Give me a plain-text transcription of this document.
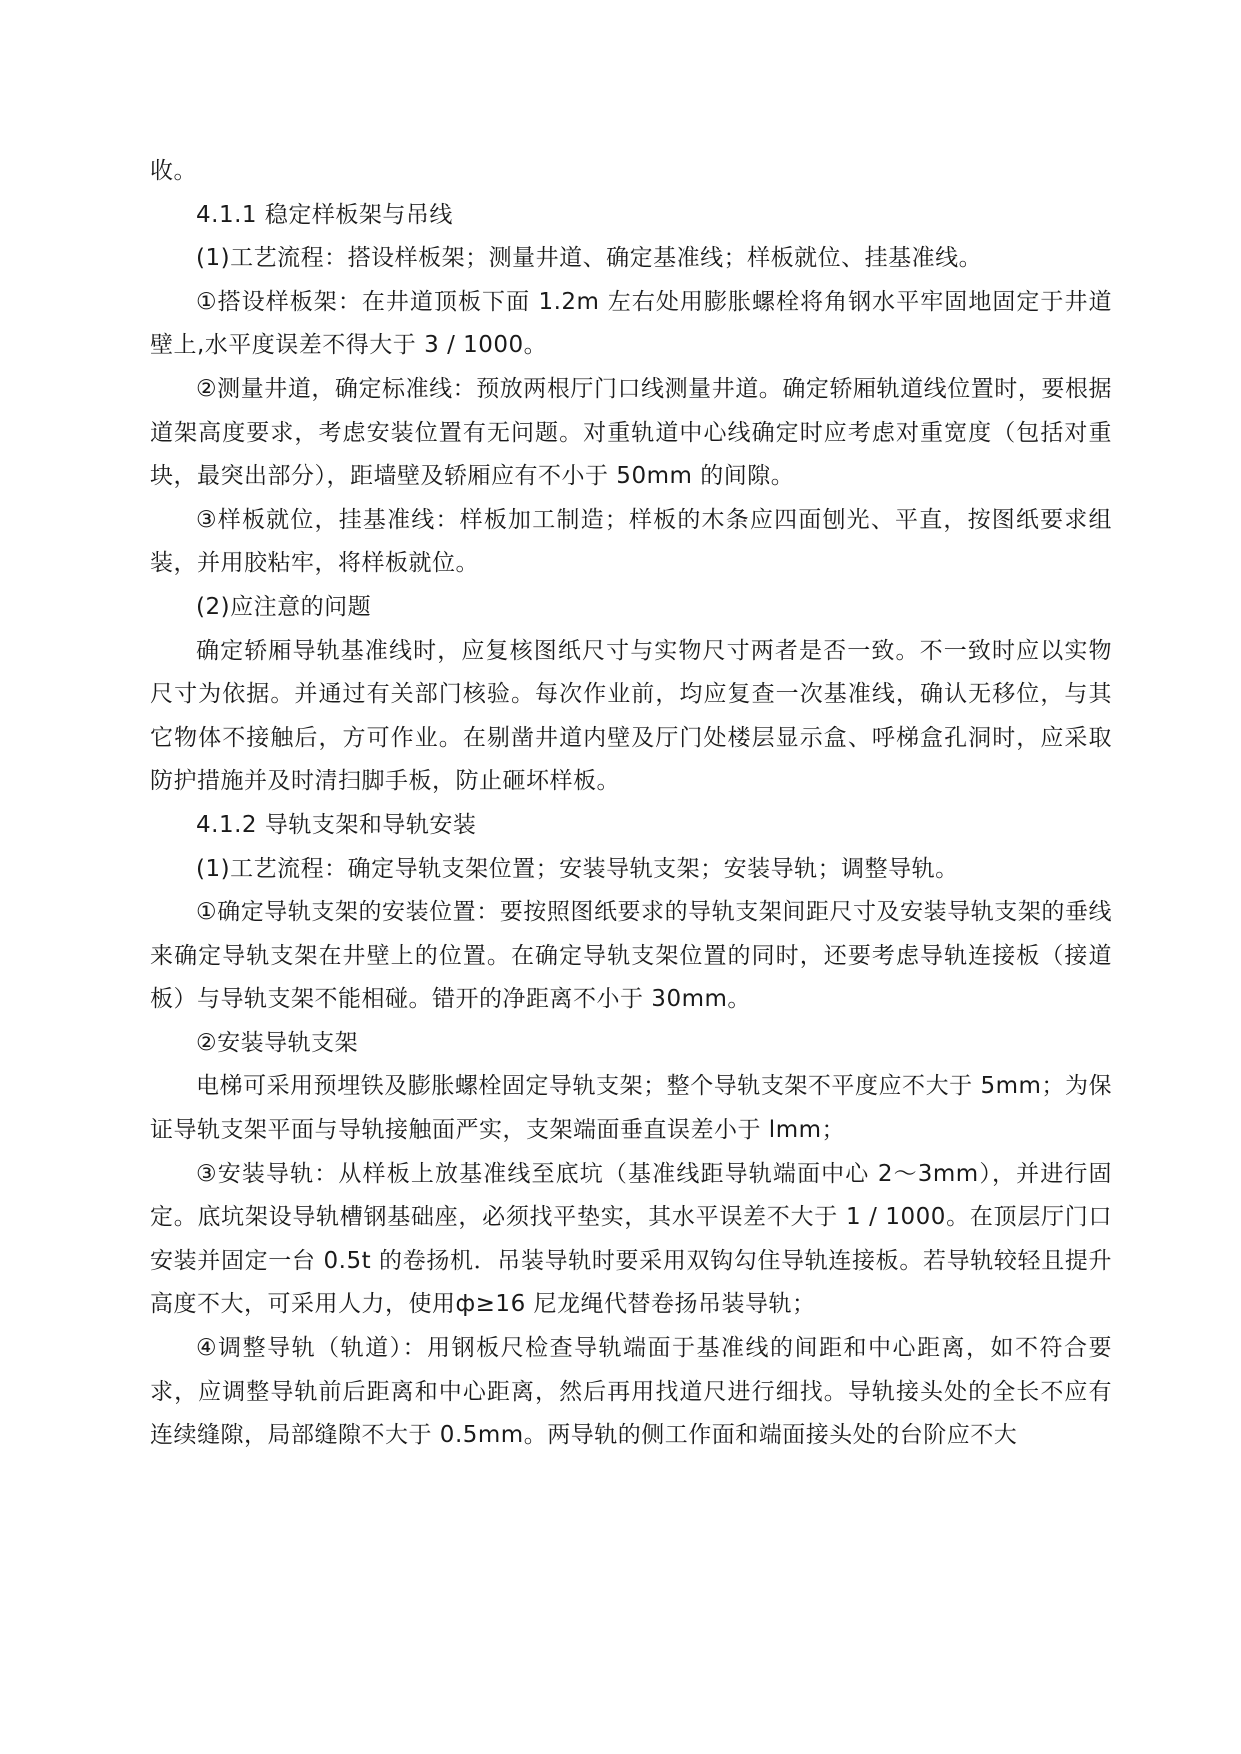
收。

4.1.1 稳定样板架与吊线

(1)工艺流程：搭设样板架；测量井道、确定基准线；样板就位、挂基准线。

①搭设样板架：在井道顶板下面 1.2m 左右处用膨胀螺栓将角钢水平牢固地固定于井道壁上,水平度误差不得大于 3 / 1000。

②测量井道，确定标准线：预放两根厅门口线测量井道。确定轿厢轨道线位置时，要根据道架高度要求，考虑安装位置有无问题。对重轨道中心线确定时应考虑对重宽度（包括对重块，最突出部分），距墙壁及轿厢应有不小于 50mm 的间隙。

③样板就位，挂基准线：样板加工制造；样板的木条应四面刨光、平直，按图纸要求组装，并用胶粘牢，将样板就位。

(2)应注意的问题

确定轿厢导轨基准线时，应复核图纸尺寸与实物尺寸两者是否一致。不一致时应以实物尺寸为依据。并通过有关部门核验。每次作业前，均应复查一次基准线，确认无移位，与其它物体不接触后，方可作业。在剔凿井道内壁及厅门处楼层显示盒、呼梯盒孔洞时，应采取防护措施并及时清扫脚手板，防止砸坏样板。

4.1.2 导轨支架和导轨安装

(1)工艺流程：确定导轨支架位置；安装导轨支架；安装导轨；调整导轨。

①确定导轨支架的安装位置：要按照图纸要求的导轨支架间距尺寸及安装导轨支架的垂线来确定导轨支架在井壁上的位置。在确定导轨支架位置的同时，还要考虑导轨连接板（接道板）与导轨支架不能相碰。错开的净距离不小于 30mm。

②安装导轨支架

电梯可采用预埋铁及膨胀螺栓固定导轨支架；整个导轨支架不平度应不大于 5mm；为保证导轨支架平面与导轨接触面严实，支架端面垂直误差小于 lmm；

③安装导轨：从样板上放基准线至底坑（基准线距导轨端面中心 2～3mm），并进行固定。底坑架设导轨槽钢基础座，必须找平垫实，其水平误差不大于 1 / 1000。在顶层厅门口安装并固定一台 0.5t 的卷扬机．吊装导轨时要采用双钩勾住导轨连接板。若导轨较轻且提升高度不大，可采用人力，使用ф≥16 尼龙绳代替卷扬吊装导轨；

④调整导轨（轨道）：用钢板尺检查导轨端面于基准线的间距和中心距离，如不符合要求，应调整导轨前后距离和中心距离，然后再用找道尺进行细找。导轨接头处的全长不应有连续缝隙，局部缝隙不大于 0.5mm。两导轨的侧工作面和端面接头处的台阶应不大
